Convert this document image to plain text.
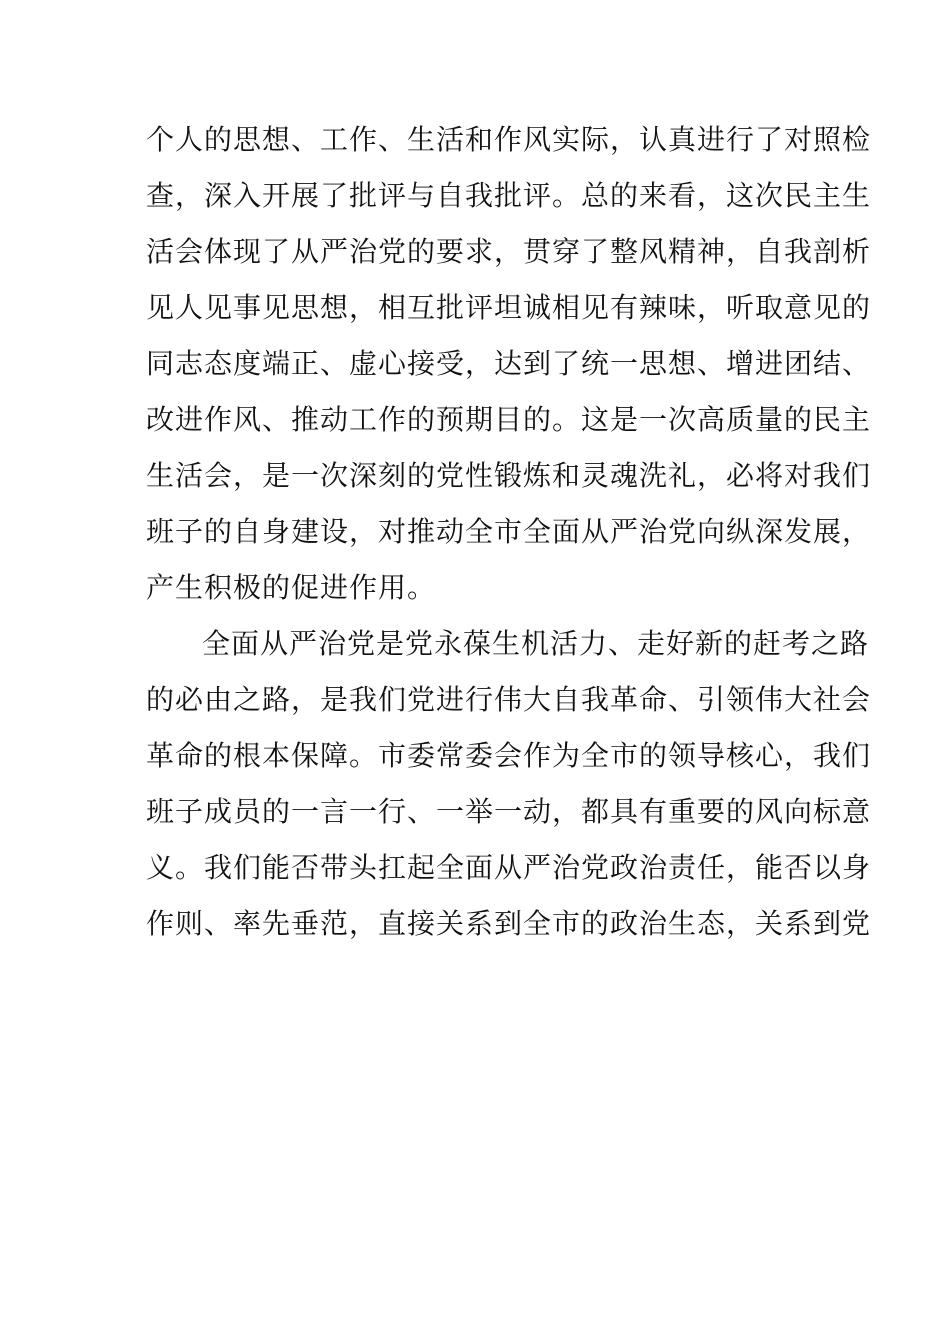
个人的思想、工作、生活和作风实际，认真进行了对照检
查，深入开展了批评与自我批评。总的来看，这次民主生
活会体现了从严治党的要求，贯穿了整风精神，自我剖析
见人见事见思想，相互批评坦诚相见有辣味，听取意见的
同志态度端正、虚心接受，达到了统一思想、增进团结、
改进作风、推动工作的预期目的。这是一次高质量的民主
生活会，是一次深刻的党性锻炼和灵魂洗礼，必将对我们
班子的自身建设，对推动全市全面从严治党向纵深发展，
产生积极的促进作用。
全面从严治党是党永葆生机活力、走好新的赶考之路
的必由之路，是我们党进行伟大自我革命、引领伟大社会
革命的根本保障。市委常委会作为全市的领导核心，我们
班子成员的一言一行、一举一动，都具有重要的风向标意
义。我们能否带头扛起全面从严治党政治责任，能否以身
作则、率先垂范，直接关系到全市的政治生态，关系到党
